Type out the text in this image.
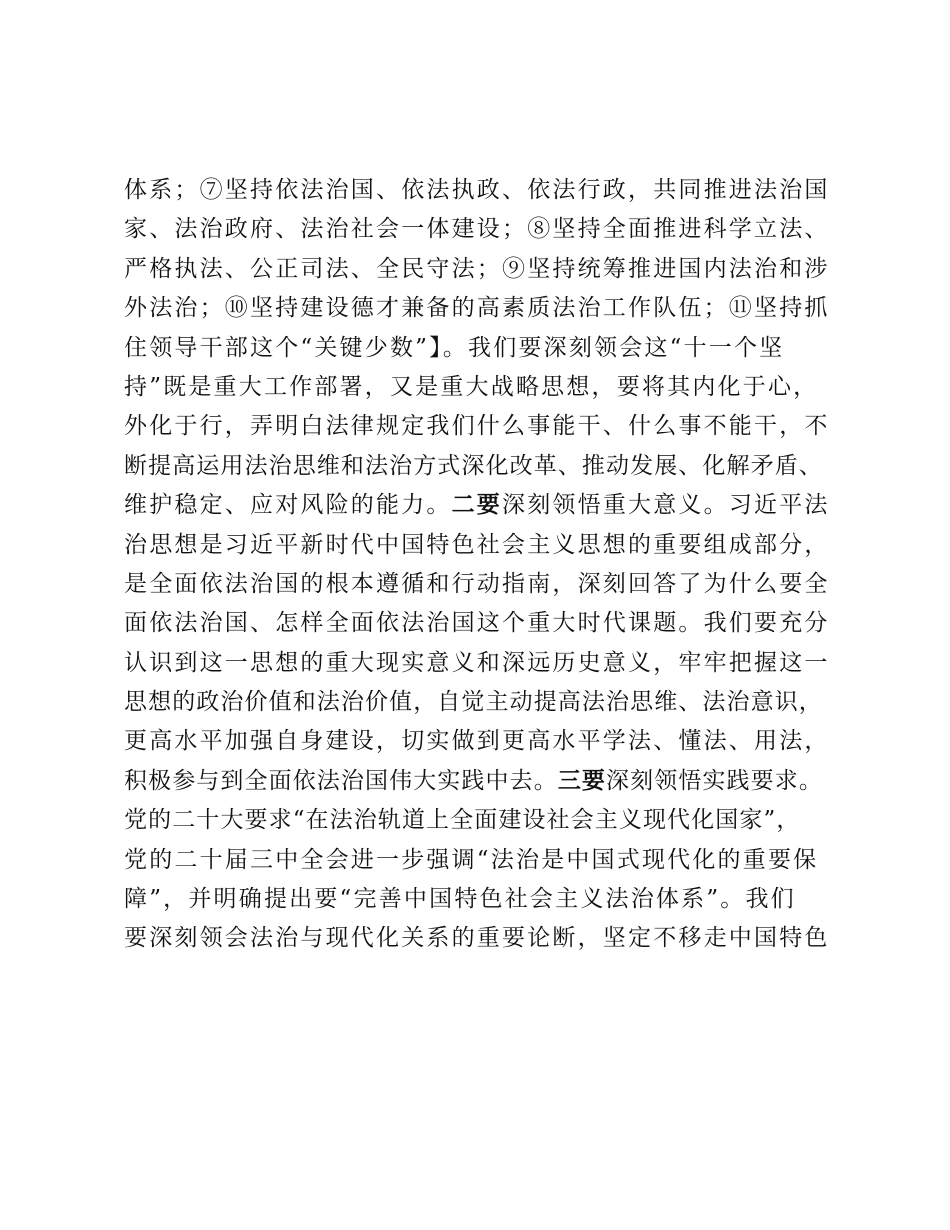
体系；⑦坚持依法治国、依法执政、依法行政，共同推进法治国
家、法治政府、法治社会一体建设；⑧坚持全面推进科学立法、
严格执法、公正司法、全民守法；⑨坚持统筹推进国内法治和涉
外法治；⑩坚持建设德才兼备的高素质法治工作队伍；⑪坚持抓
住领导干部这个“关键少数”】。我们要深刻领会这“十一个坚
持”既是重大工作部署，又是重大战略思想，要将其内化于心，
外化于行，弄明白法律规定我们什么事能干、什么事不能干，不
断提高运用法治思维和法治方式深化改革、推动发展、化解矛盾、
维护稳定、应对风险的能力。二要深刻领悟重大意义。习近平法
治思想是习近平新时代中国特色社会主义思想的重要组成部分，
是全面依法治国的根本遵循和行动指南，深刻回答了为什么要全
面依法治国、怎样全面依法治国这个重大时代课题。我们要充分
认识到这一思想的重大现实意义和深远历史意义，牢牢把握这一
思想的政治价值和法治价值，自觉主动提高法治思维、法治意识，
更高水平加强自身建设，切实做到更高水平学法、懂法、用法，
积极参与到全面依法治国伟大实践中去。三要深刻领悟实践要求。
党的二十大要求“在法治轨道上全面建设社会主义现代化国家”，
党的二十届三中全会进一步强调“法治是中国式现代化的重要保
障”，并明确提出要“完善中国特色社会主义法治体系”。我们
要深刻领会法治与现代化关系的重要论断，坚定不移走中国特色
